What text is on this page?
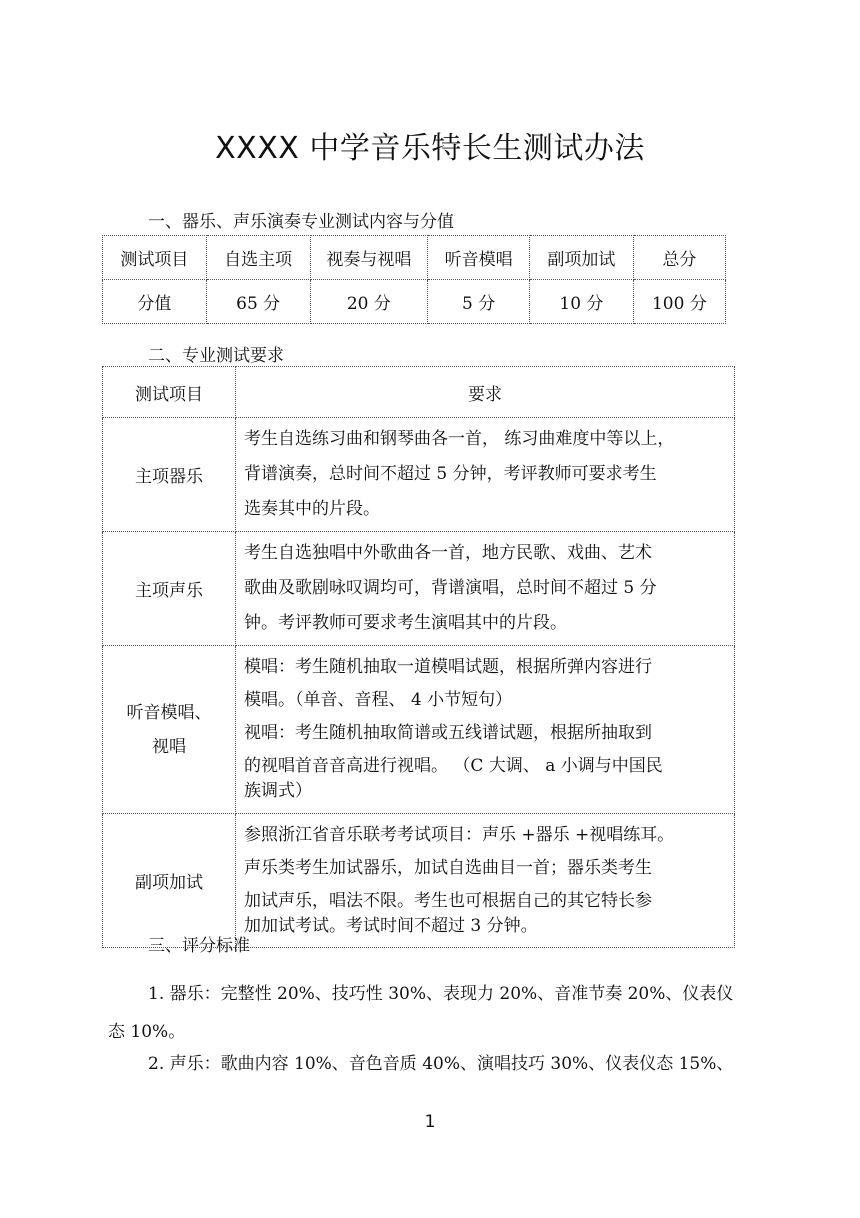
XXXX 中学音乐特长生测试办法
一、器乐、声乐演奏专业测试内容与分值
测试项目	自选主项	视奏与视唱	听音模唱	副项加试	总分
分值	65 分	20 分	5 分	10 分	100 分
二、专业测试要求
测试项目	要求
主项器乐	考生自选练习曲和钢琴曲各一首， 练习曲难度中等以上，
背谱演奏，总时间不超过 5 分钟，考评教师可要求考生
选奏其中的片段。

主项声乐	考生自选独唱中外歌曲各一首，地方民歌、戏曲、艺术
歌曲及歌剧咏叹调均可，背谱演唱，总时间不超过 5 分
钟。考评教师可要求考生演唱其中的片段。

听音模唱、视唱	模唱：考生随机抽取一道模唱试题，根据所弹内容进行
模唱。（单音、音程、 4 小节短句）
视唱：考生随机抽取简谱或五线谱试题，根据所抽取到
的视唱首音音高进行视唱。 （C 大调、 a 小调与中国民
族调式）

副项加试	参照浙江省音乐联考考试项目：声乐 +器乐 +视唱练耳。
声乐类考生加试器乐，加试自选曲目一首；器乐类考生
加试声乐，唱法不限。考生也可根据自己的其它特长参
加加试考试。考试时间不超过 3 分钟。
三、评分标准
1. 器乐：完整性 20%、技巧性 30%、表现力 20%、音准节奏 20%、仪表仪态 10%。
2. 声乐：歌曲内容 10%、音色音质 40%、演唱技巧 30%、仪表仪态 15%、
1
